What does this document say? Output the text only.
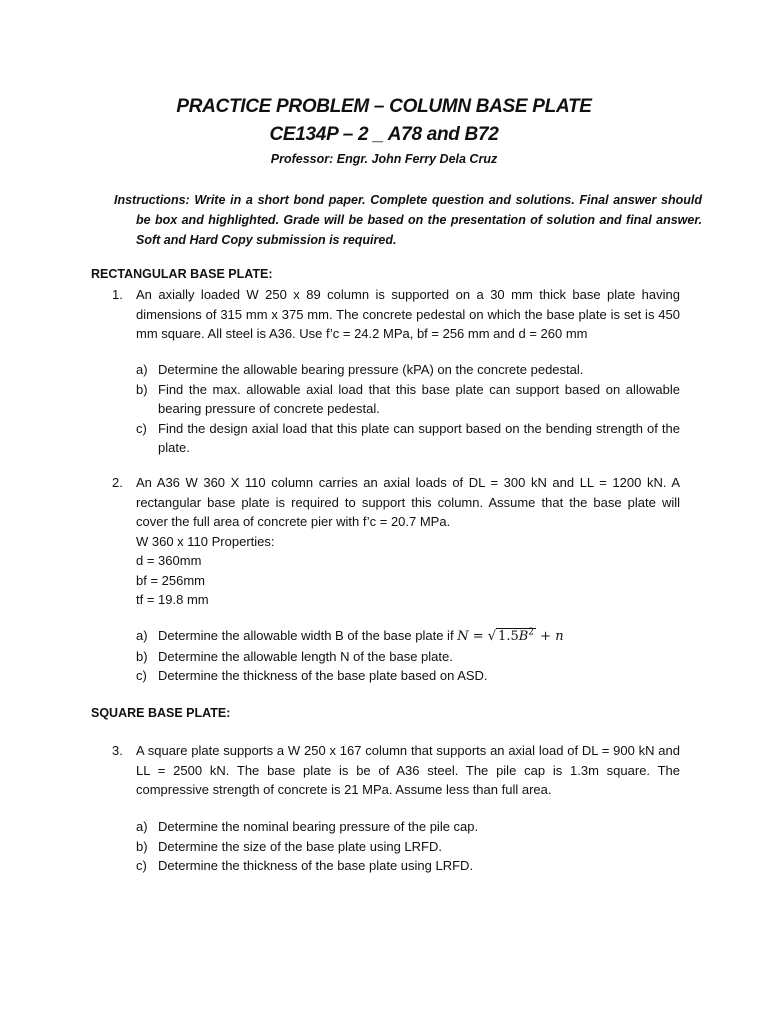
PRACTICE PROBLEM – COLUMN BASE PLATE
CE134P – 2 _ A78 and B72
Professor: Engr. John Ferry Dela Cruz
Instructions: Write in a short bond paper. Complete question and solutions. Final answer should be box and highlighted. Grade will be based on the presentation of solution and final answer. Soft and Hard Copy submission is required.
RECTANGULAR BASE PLATE:
1. An axially loaded W 250 x 89 column is supported on a 30 mm thick base plate having dimensions of 315 mm x 375 mm. The concrete pedestal on which the base plate is set is 450 mm square. All steel is A36. Use f’c = 24.2 MPa, bf = 256 mm and d = 260 mm
a) Determine the allowable bearing pressure (kPA) on the concrete pedestal.
b) Find the max. allowable axial load that this base plate can support based on allowable bearing pressure of concrete pedestal.
c) Find the design axial load that this plate can support based on the bending strength of the plate.
2. An A36 W 360 X 110 column carries an axial loads of DL = 300 kN and LL = 1200 kN. A rectangular base plate is required to support this column. Assume that the base plate will cover the full area of concrete pier with f’c = 20.7 MPa.
W 360 x 110 Properties:
d = 360mm
bf = 256mm
tf = 19.8 mm
a) Determine the allowable width B of the base plate if N = √ $1.5B^2 + n$
b) Determine the allowable length N of the base plate.
c) Determine the thickness of the base plate based on ASD.
SQUARE BASE PLATE:
3. A square plate supports a W 250 x 167 column that supports an axial load of DL = 900 kN and LL = 2500 kN. The base plate is be of A36 steel. The pile cap is 1.3m square. The compressive strength of concrete is 21 MPa. Assume less than full area.
a) Determine the nominal bearing pressure of the pile cap.
b) Determine the size of the base plate using LRFD.
c) Determine the thickness of the base plate using LRFD.
